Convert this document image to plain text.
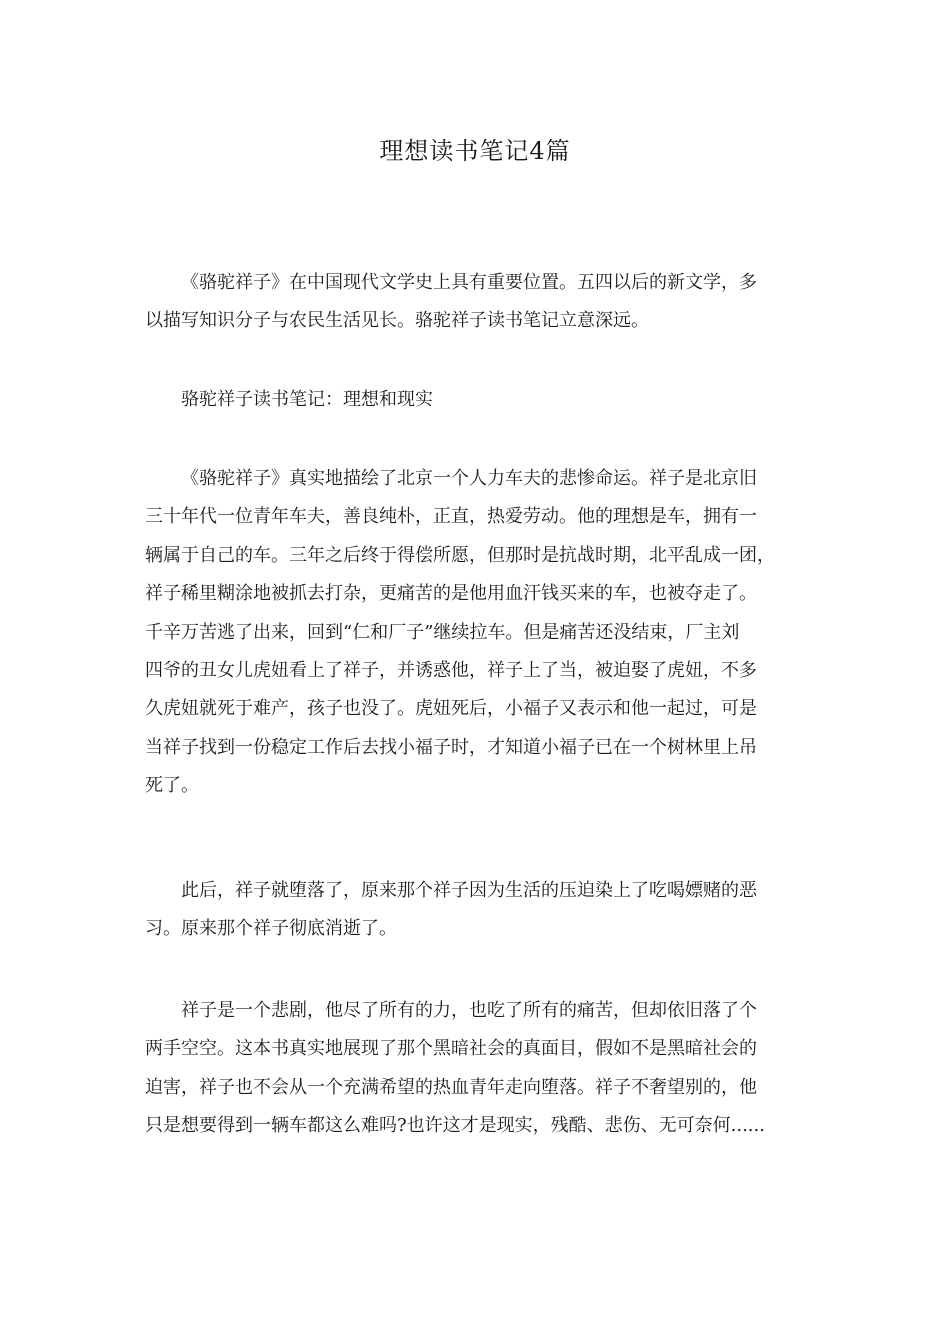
理想读书笔记4篇
《骆驼祥子》在中国现代文学史上具有重要位置。五四以后的新文学，多
以描写知识分子与农民生活见长。骆驼祥子读书笔记立意深远。
骆驼祥子读书笔记：理想和现实
《骆驼祥子》真实地描绘了北京一个人力车夫的悲惨命运。祥子是北京旧
三十年代一位青年车夫，善良纯朴，正直，热爱劳动。他的理想是车，拥有一
辆属于自己的车。三年之后终于得偿所愿，但那时是抗战时期，北平乱成一团，
祥子稀里糊涂地被抓去打杂，更痛苦的是他用血汗钱买来的车，也被夺走了。
千辛万苦逃了出来，回到“仁和厂子”继续拉车。但是痛苦还没结束，厂主刘
四爷的丑女儿虎妞看上了祥子，并诱惑他，祥子上了当，被迫娶了虎妞，不多
久虎妞就死于难产，孩子也没了。虎妞死后，小福子又表示和他一起过，可是
当祥子找到一份稳定工作后去找小福子时，才知道小福子已在一个树林里上吊
死了。
此后，祥子就堕落了，原来那个祥子因为生活的压迫染上了吃喝嫖赌的恶
习。原来那个祥子彻底消逝了。
祥子是一个悲剧，他尽了所有的力，也吃了所有的痛苦，但却依旧落了个
两手空空。这本书真实地展现了那个黑暗社会的真面目，假如不是黑暗社会的
迫害，祥子也不会从一个充满希望的热血青年走向堕落。祥子不奢望别的，他
只是想要得到一辆车都这么难吗?也许这才是现实，残酷、悲伤、无可奈何......
